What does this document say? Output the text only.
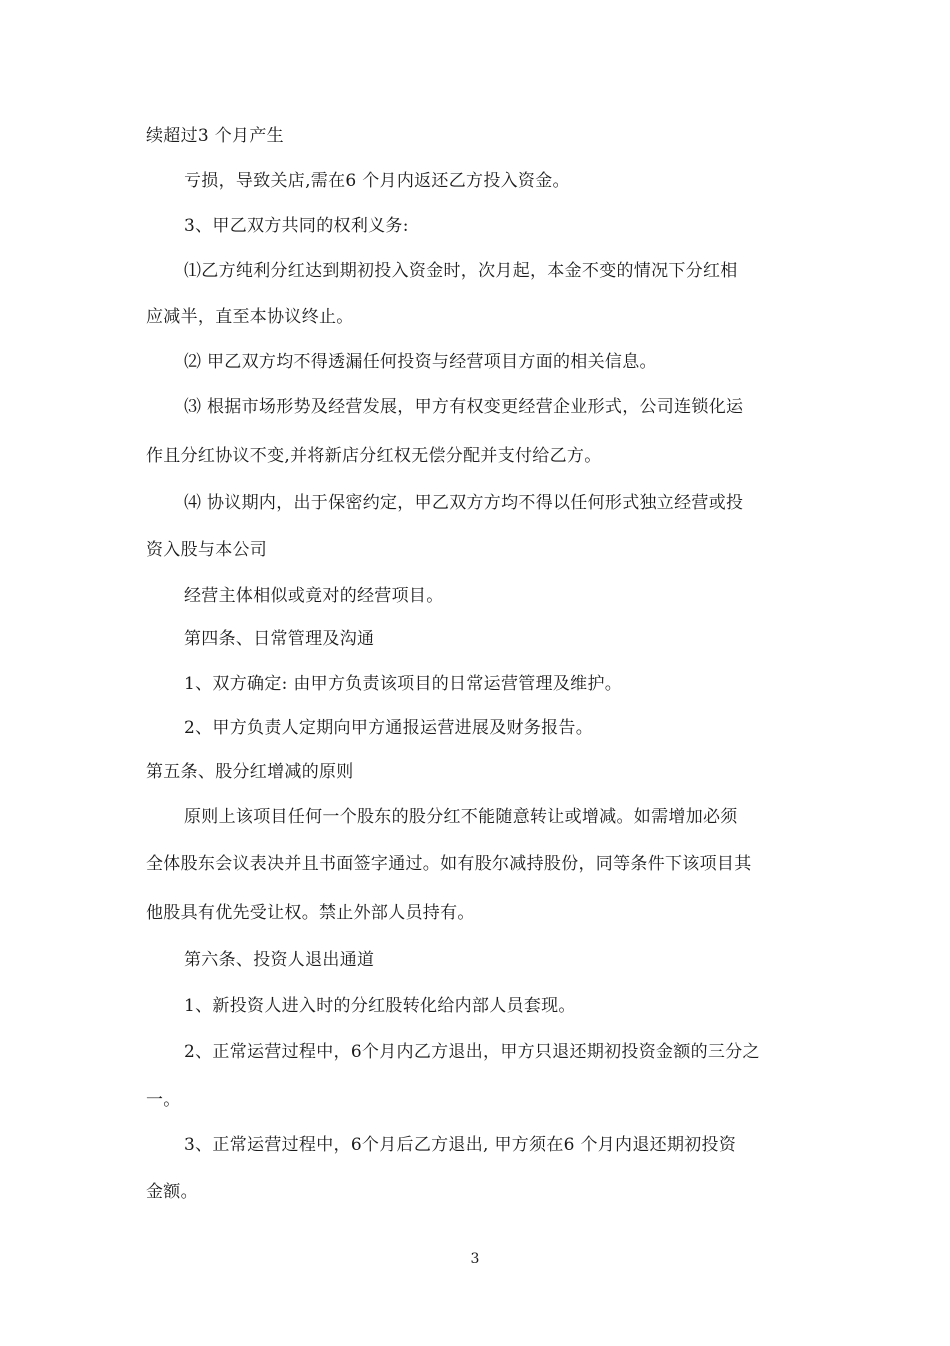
续超过3 个月产生
亏损，导致关店,需在6 个月内返还乙方投入资金。
3、甲乙双方共同的权利义务:
⑴乙方纯利分红达到期初投入资金时，次月起，本金不变的情况下分红相
应减半，直至本协议终止。
⑵ 甲乙双方均不得透漏任何投资与经营项目方面的相关信息。
⑶ 根据市场形势及经营发展，甲方有权变更经营企业形式，公司连锁化运
作且分红协议不变,并将新店分红权无偿分配并支付给乙方。
⑷ 协议期内，出于保密约定，甲乙双方方均不得以任何形式独立经营或投
资入股与本公司
经营主体相似或竟对的经营项目。
第四条、日常管理及沟通
1、双方确定: 由甲方负责该项目的日常运营管理及维护。
2、甲方负责人定期向甲方通报运营进展及财务报告。
第五条、股分红增减的原则
原则上该项目任何一个股东的股分红不能随意转让或增减。如需增加必须
全体股东会议表决并且书面签字通过。如有股尔减持股份，同等条件下该项目其
他股具有优先受让权。禁止外部人员持有。
第六条、投资人退出通道
1、新投资人进入时的分红股转化给内部人员套现。
2、正常运营过程中，6个月内乙方退出，甲方只退还期初投资金额的三分之
一。
3、正常运营过程中，6个月后乙方退出, 甲方须在6 个月内退还期初投资
金额。
3
